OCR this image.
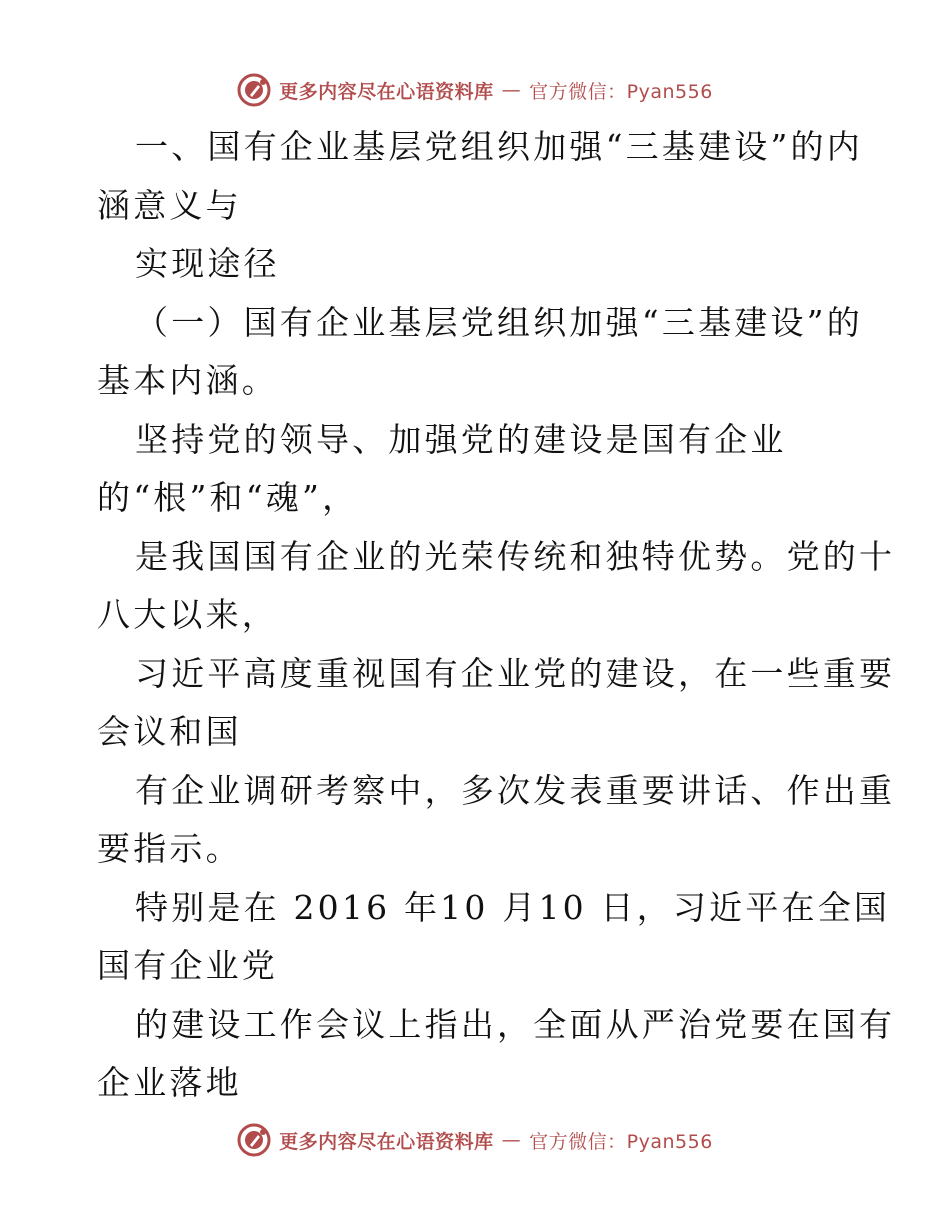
更多内容尽在心语资料库 — 官方微信：Pyan556
一、国有企业基层党组织加强“三基建设”的内
涵意义与
实现途径
（一）国有企业基层党组织加强“三基建设”的
基本内涵。
坚持党的领导、加强党的建设是国有企业
的“根”和“魂”，
是我国国有企业的光荣传统和独特优势。党的十
八大以来，
习近平高度重视国有企业党的建设，在一些重要
会议和国
有企业调研考察中，多次发表重要讲话、作出重
要指示。
特别是在 2016 年10 月10 日，习近平在全国
国有企业党
的建设工作会议上指出，全面从严治党要在国有
企业落地
更多内容尽在心语资料库 — 官方微信：Pyan556
